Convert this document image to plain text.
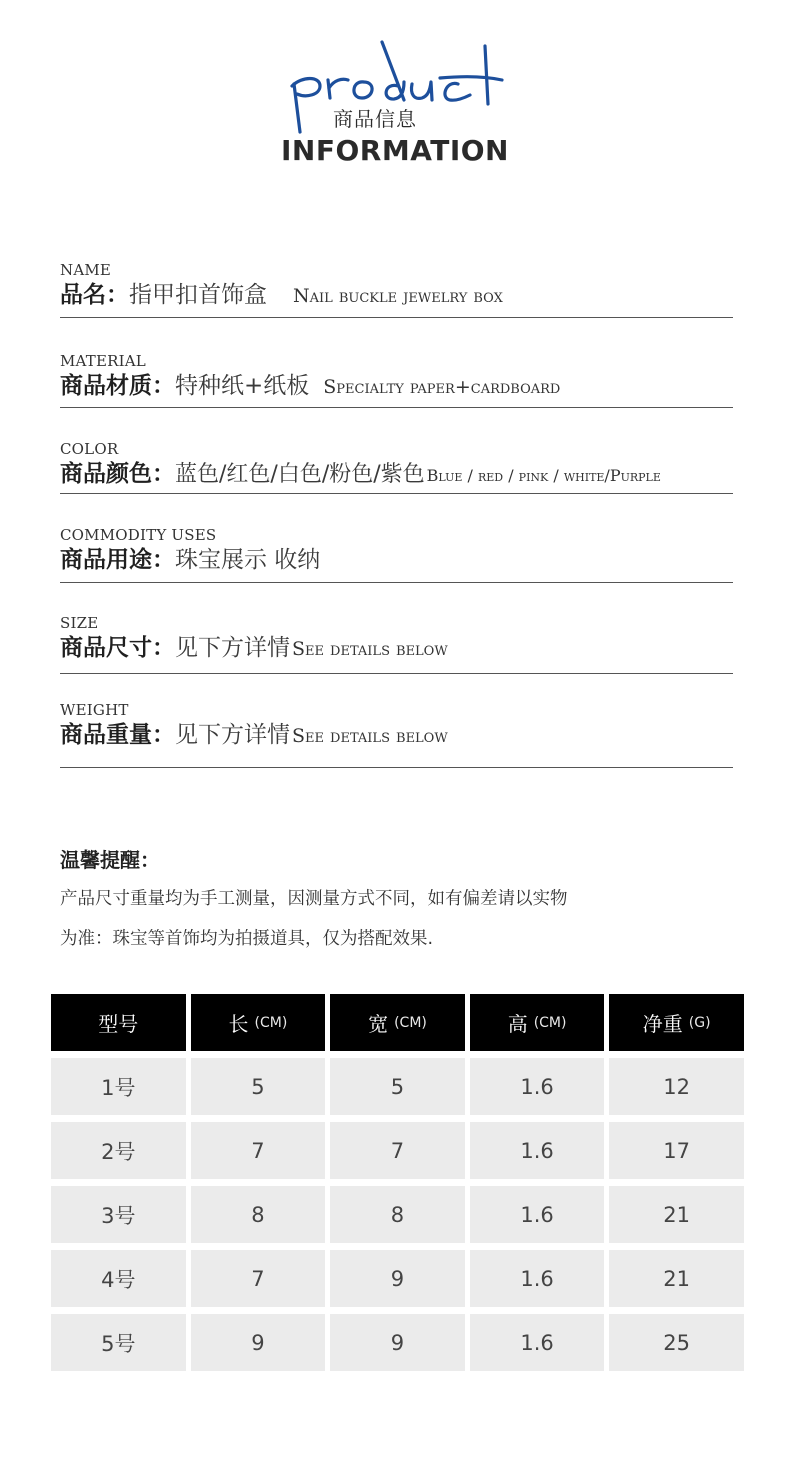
product
商品信息
INFORMATION
NAME
品名：指甲扣首饰盒 Nail buckle jewelry box
MATERIAL
商品材质：特种纸+纸板 Specialty paper+cardboard
COLOR
商品颜色：蓝色/红色/白色/粉色/紫色 Blue / red / pink / white/Purple
COMMODITY USES
商品用途：珠宝展示 收纳
SIZE
商品尺寸：见下方详情 See details below
WEIGHT
商品重量：见下方详情 See details below
温馨提醒：
产品尺寸重量均为手工测量，因测量方式不同，如有偏差请以实物
为准：珠宝等首饰均为拍摄道具，仅为搭配效果.
型号	长 (CM)	宽 (CM)	高 (CM)	净重 (G)
1号	5	5	1.6	12
2号	7	7	1.6	17
3号	8	8	1.6	21
4号	7	9	1.6	21
5号	9	9	1.6	25
